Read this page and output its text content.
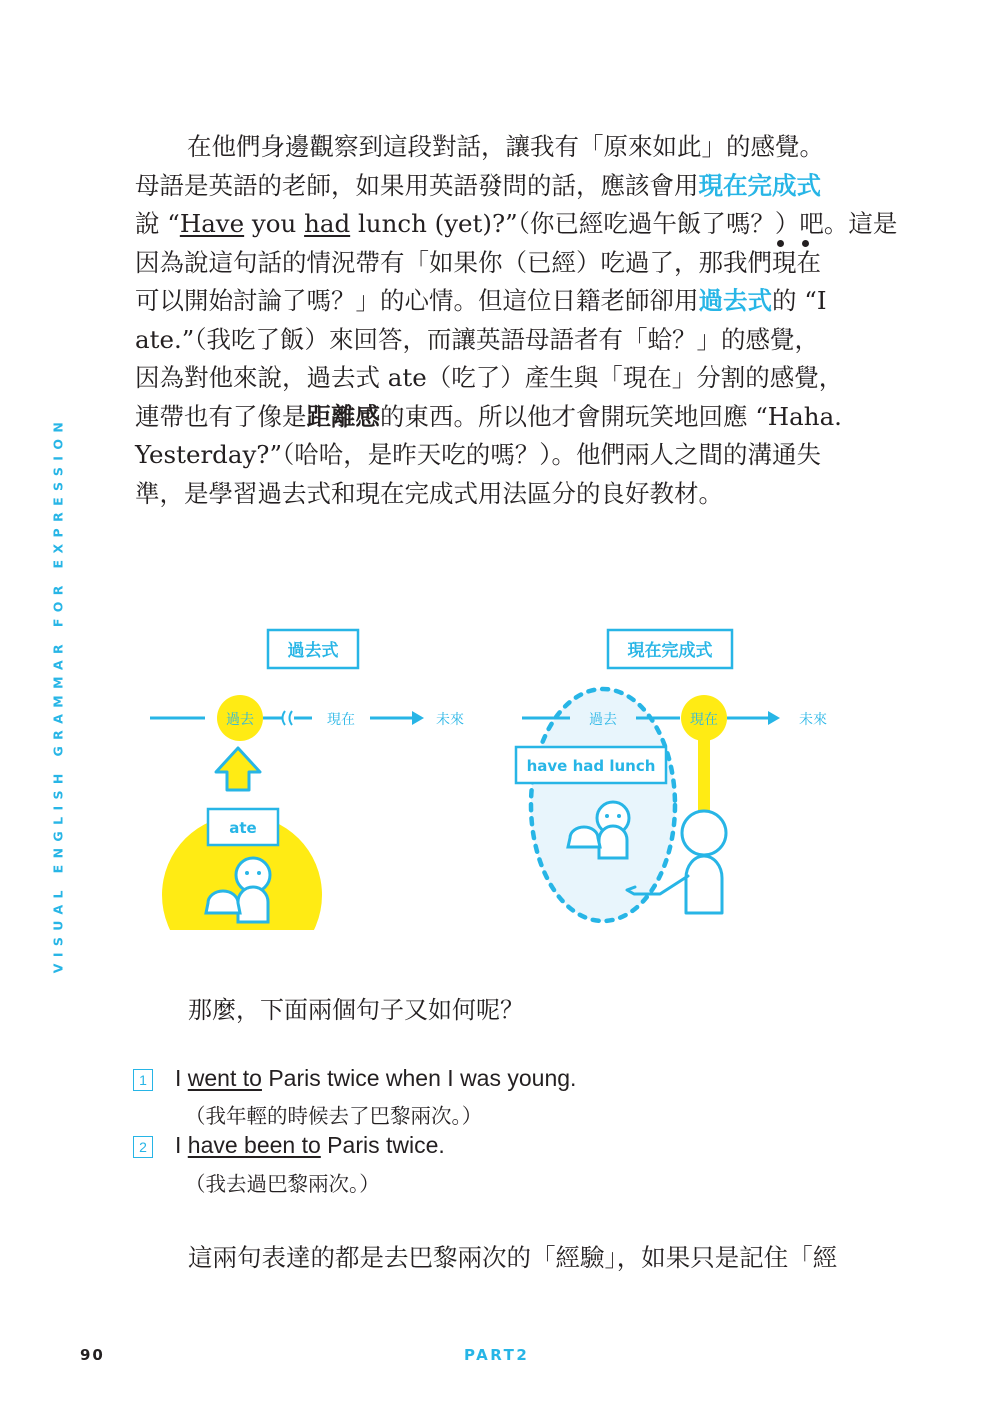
VISUAL ENGLISH GRAMMAR FOR EXPRESSION
在他們身邊觀察到這段對話，讓我有「原來如此」的感覺。
母語是英語的老師，如果用英語發問的話，應該會用現在完成式
說 “Have you had lunch (yet)?”（你已經吃過午飯了嗎？）吧。這是
因為說這句話的情況帶有「如果你（已經）吃過了，那我們現在
可以開始討論了嗎？」的心情。但這位日籍老師卻用過去式的 “I
ate.”（我吃了飯）來回答，而讓英語母語者有「蛤？」的感覺，
因為對他來說，過去式 ate（吃了）產生與「現在」分割的感覺，
連帶也有了像是距離感的東西。所以他才會開玩笑地回應 “Haha.
Yesterday?”（哈哈，是昨天吃的嗎？）。他們兩人之間的溝通失
準，是學習過去式和現在完成式用法區分的良好教材。
過去式
過去	現在	未來
ate
現在完成式
過去	現在	未來
have had lunch
那麼，下面兩個句子又如何呢？
1 I went to Paris twice when I was young.
（我年輕的時候去了巴黎兩次。）
2 I have been to Paris twice.
（我去過巴黎兩次。）
這兩句表達的都是去巴黎兩次的「經驗」，如果只是記住「經
90	PART2
